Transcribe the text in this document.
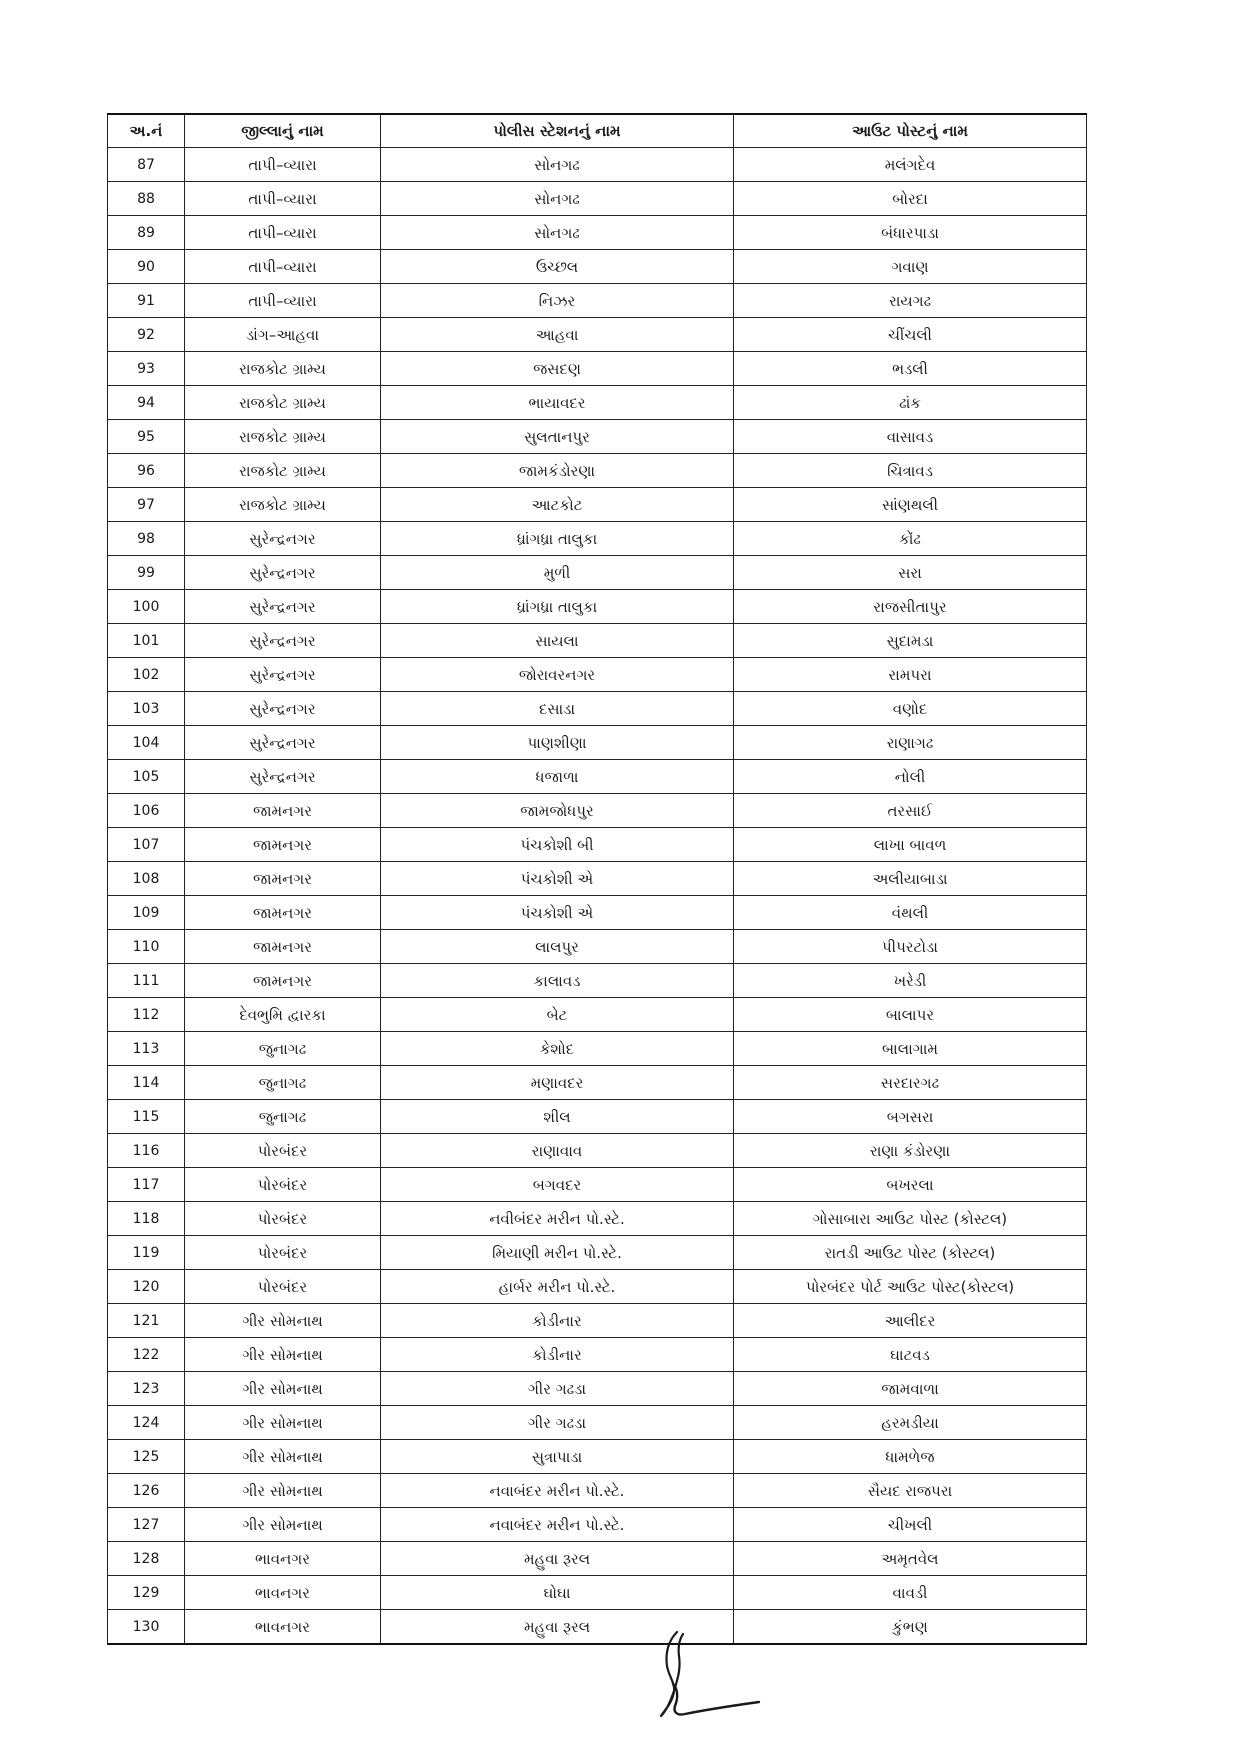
અ.નં	જીલ્લાનું નામ	પોલીસ સ્ટેશનનું નામ	આઉટ પોસ્ટનું નામ
87	તાપી–વ્યારા	સોનગઢ	મલંગદેવ
88	તાપી–વ્યારા	સોનગઢ	બોરદા
89	તાપી–વ્યારા	સોનગઢ	બંધારપાડા
90	તાપી–વ્યારા	ઉચ્છલ	ગવાણ
91	તાપી–વ્યારા	નિઝર	રાયગઢ
92	ડાંગ–આહવા	આહવા	ચીંચલી
93	રાજકોટ ગ્રામ્ય	જસદણ	ભડલી
94	રાજકોટ ગ્રામ્ય	ભાયાવદર	ઢાંક
95	રાજકોટ ગ્રામ્ય	સુલતાનપુર	વાસાવડ
96	રાજકોટ ગ્રામ્ય	જામકંડોરણા	ચિત્રાવડ
97	રાજકોટ ગ્રામ્ય	આટકોટ	સાંણથલી
98	સુરેન્દ્રનગર	ધ્રાંગધ્રા તાલુકા	કોંઢ
99	સુરેન્દ્રનગર	મુળી	સરા
100	સુરેન્દ્રનગર	ધ્રાંગધ્રા તાલુકા	રાજસીતાપુર
101	સુરેન્દ્રનગર	સાયલા	સુદામડા
102	સુરેન્દ્રનગર	જોરાવરનગર	રામપરા
103	સુરેન્દ્રનગર	દસાડા	વણોદ
104	સુરેન્દ્રનગર	પાણશીણા	રાણાગઢ
105	સુરેન્દ્રનગર	ધજાળા	નોલી
106	જામનગર	જામજોધપુર	તરસાઈ
107	જામનગર	પંચકોશી બી	લાખા બાવળ
108	જામનગર	પંચકોશી એ	અલીયાબાડા
109	જામનગર	પંચકોશી એ	વંથલી
110	જામનગર	લાલપુર	પીપરટોડા
111	જામનગર	કાલાવડ	ખરેડી
112	દેવભુમિ દ્વારકા	બેટ	બાલાપર
113	જુનાગઢ	કેશોદ	બાલાગામ
114	જુનાગઢ	મણાવદર	સરદારગઢ
115	જુનાગઢ	શીલ	બગસરા
116	પોરબંદર	રાણાવાવ	રાણા કંડોરણા
117	પોરબંદર	બગવદર	બખરલા
118	પોરબંદર	નવીબંદર મરીન પો.સ્ટે.	ગોસાબારા આઉટ પોસ્ટ (કોસ્ટલ)
119	પોરબંદર	મિયાણી મરીન પો.સ્ટે.	રાતડી આઉટ પોસ્ટ (કોસ્ટલ)
120	પોરબંદર	હાર્બર મરીન પો.સ્ટે.	પોરબંદર પોર્ટ આઉટ પોસ્ટ(કોસ્ટલ)
121	ગીર સોમનાથ	કોડીનાર	આલીદર
122	ગીર સોમનાથ	કોડીનાર	ઘાટવડ
123	ગીર સોમનાથ	ગીર ગઢડા	જામવાળા
124	ગીર સોમનાથ	ગીર ગઢડા	હરમડીયા
125	ગીર સોમનાથ	સુત્રાપાડા	ધામળેજ
126	ગીર સોમનાથ	નવાબંદર મરીન પો.સ્ટે.	સૈયદ રાજપરા
127	ગીર સોમનાથ	નવાબંદર મરીન પો.સ્ટે.	ચીખલી
128	ભાવનગર	મહુવા રૂરલ	અમૃતવેલ
129	ભાવનગર	ઘોઘા	વાવડી
130	ભાવનગર	મહુવા રૂરલ	કુંભણ
